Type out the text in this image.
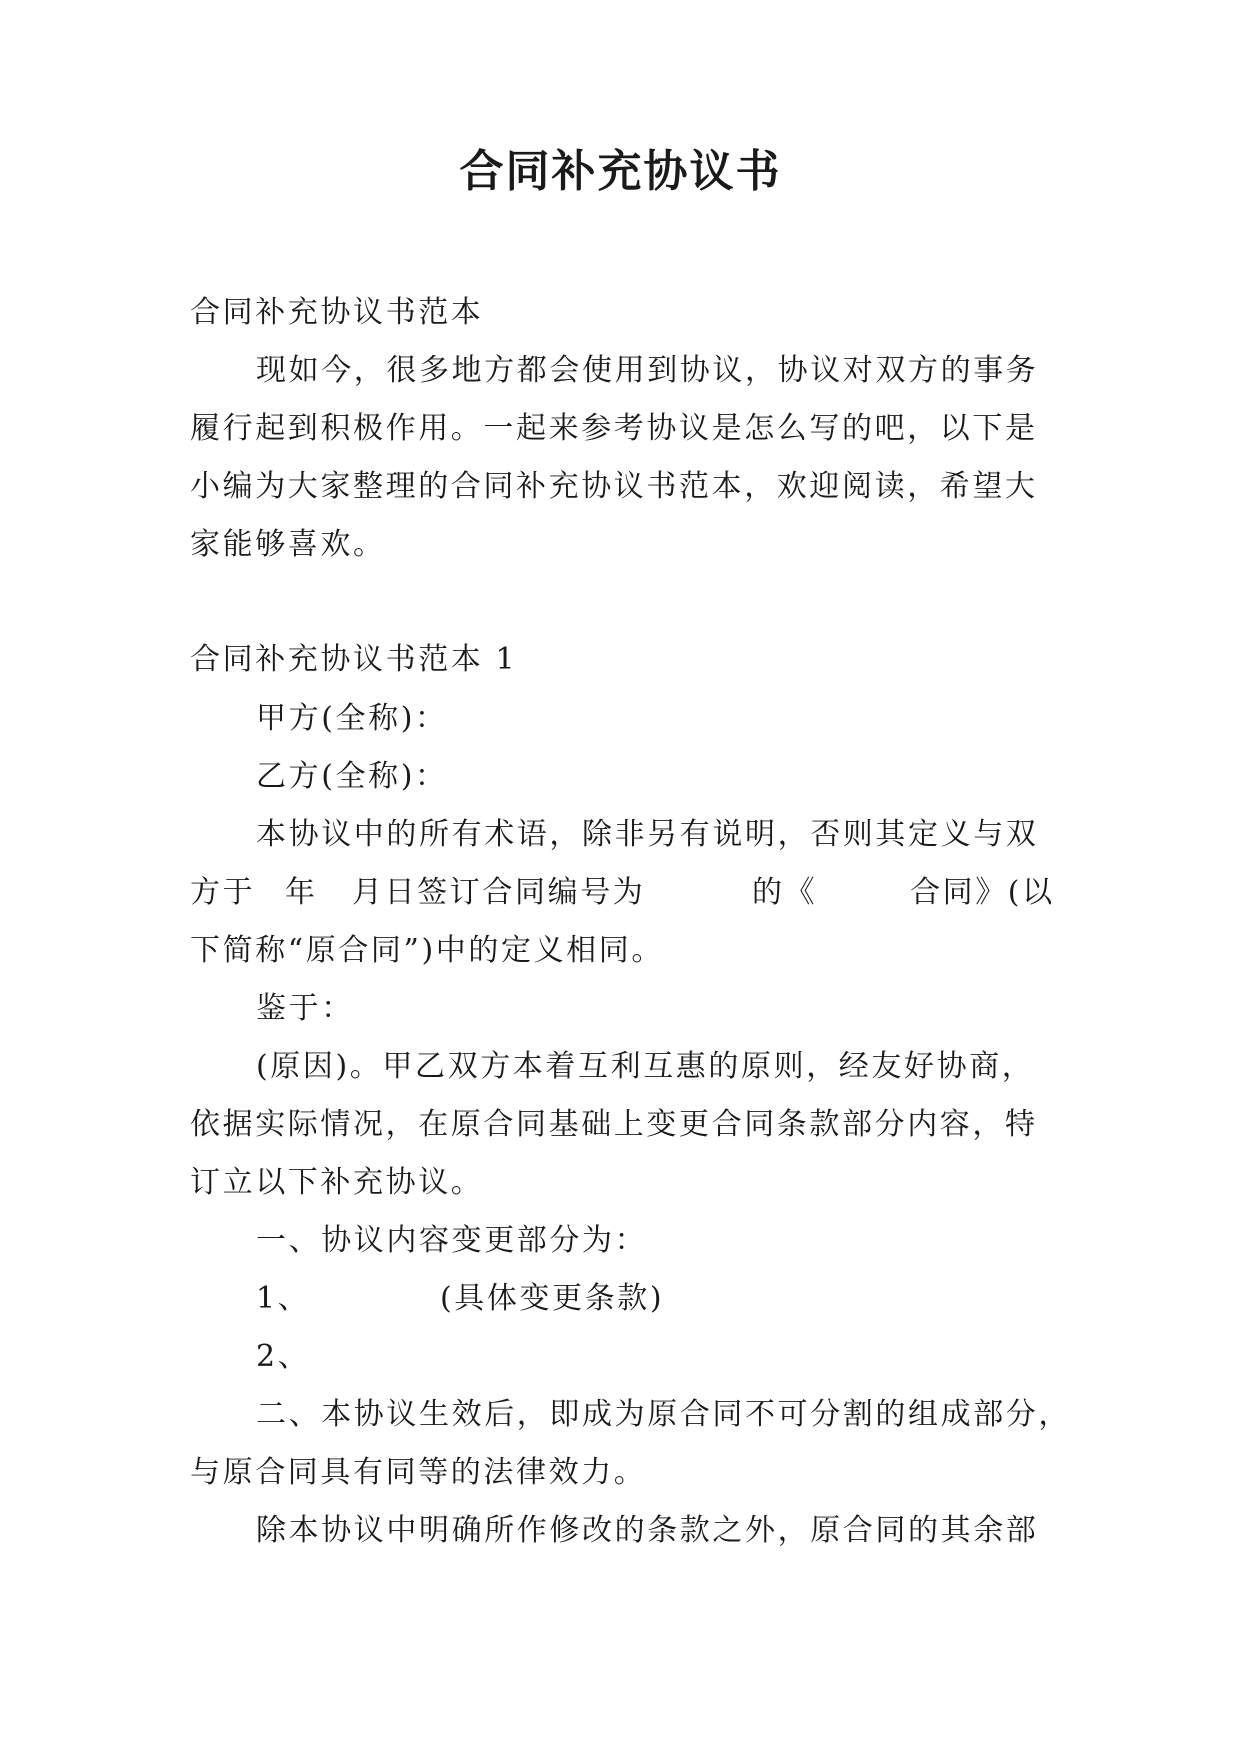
合同补充协议书
合同补充协议书范本
现如今，很多地方都会使用到协议，协议对双方的事务
履行起到积极作用。一起来参考协议是怎么写的吧，以下是
小编为大家整理的合同补充协议书范本，欢迎阅读，希望大
家能够喜欢。
合同补充协议书范本 1
甲方(全称)：
乙方(全称)：
本协议中的所有术语，除非另有说明，否则其定义与双
方于 年 月日签订合同编号为	的《	合同》(以
下简称“原合同”)中的定义相同。
鉴于：
(原因)。甲乙双方本着互利互惠的原则，经友好协商，
依据实际情况，在原合同基础上变更合同条款部分内容，特
订立以下补充协议。
一、协议内容变更部分为：
1、	(具体变更条款)
2、
二、本协议生效后，即成为原合同不可分割的组成部分，
与原合同具有同等的法律效力。
除本协议中明确所作修改的条款之外，原合同的其余部
